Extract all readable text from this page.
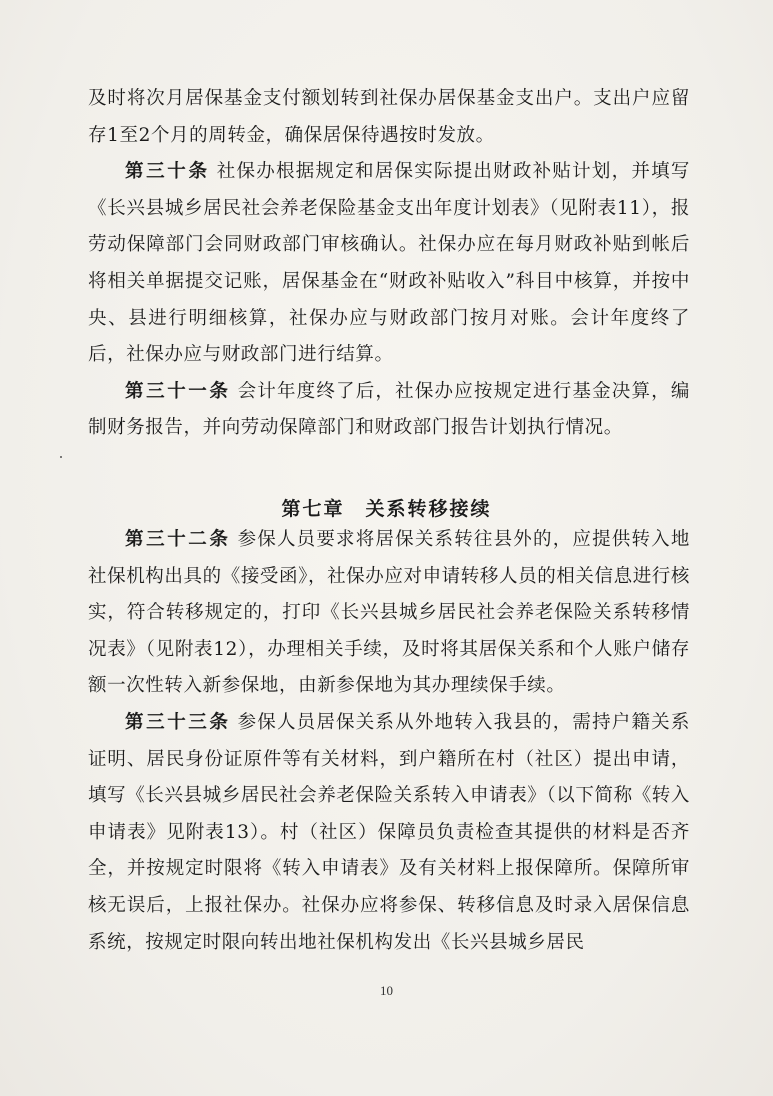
及时将次月居保基金支付额划转到社保办居保基金支出户。支出户应留存1至2个月的周转金，确保居保待遇按时发放。

第三十条 社保办根据规定和居保实际提出财政补贴计划，并填写《长兴县城乡居民社会养老保险基金支出年度计划表》（见附表11），报劳动保障部门会同财政部门审核确认。社保办应在每月财政补贴到帐后将相关单据提交记账，居保基金在“财政补贴收入”科目中核算，并按中央、县进行明细核算，社保办应与财政部门按月对账。会计年度终了后，社保办应与财政部门进行结算。

第三十一条 会计年度终了后，社保办应按规定进行基金决算，编制财务报告，并向劳动保障部门和财政部门报告计划执行情况。

第七章　关系转移接续

第三十二条 参保人员要求将居保关系转往县外的，应提供转入地社保机构出具的《接受函》，社保办应对申请转移人员的相关信息进行核实，符合转移规定的，打印《长兴县城乡居民社会养老保险关系转移情况表》（见附表12），办理相关手续，及时将其居保关系和个人账户储存额一次性转入新参保地，由新参保地为其办理续保手续。

第三十三条 参保人员居保关系从外地转入我县的，需持户籍关系证明、居民身份证原件等有关材料，到户籍所在村（社区）提出申请，填写《长兴县城乡居民社会养老保险关系转入申请表》（以下简称《转入申请表》见附表13）。村（社区）保障员负责检查其提供的材料是否齐全，并按规定时限将《转入申请表》及有关材料上报保障所。保障所审核无误后，上报社保办。社保办应将参保、转移信息及时录入居保信息系统，按规定时限向转出地社保机构发出《长兴县城乡居民

10
